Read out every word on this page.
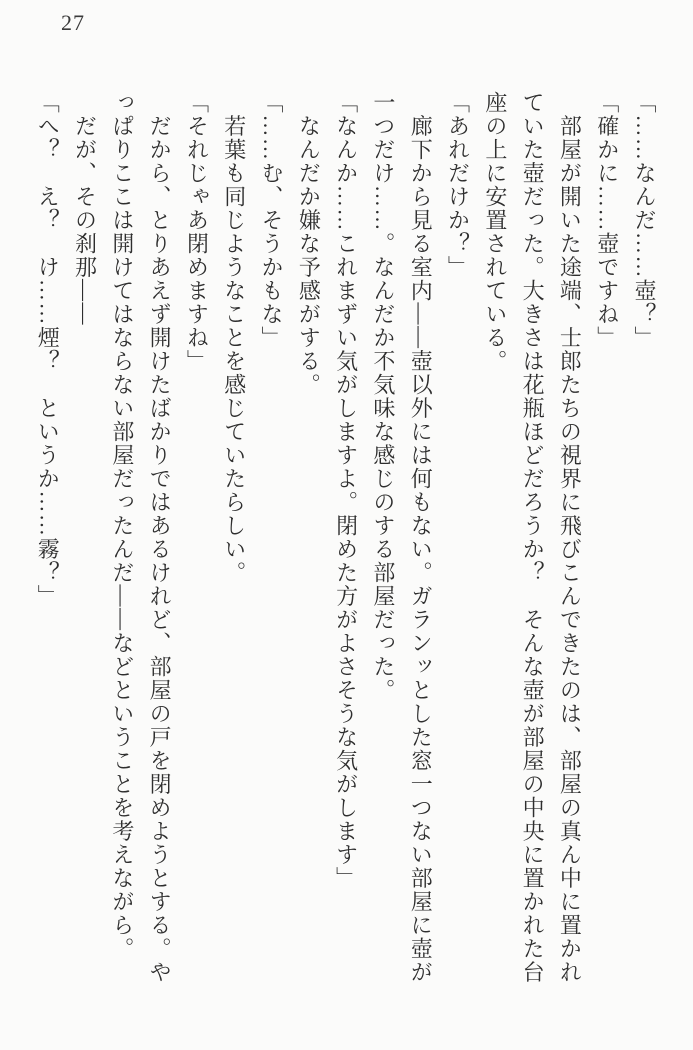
27

「……なんだ……壺？」

「確かに……壺ですね」

　部屋が開いた途端、士郎たちの視界に飛びこんできたのは、部屋の真ん中に置かれ

ていた壺だった。大きさは花瓶ほどだろうか？　そんな壺が部屋の中央に置かれた台

座の上に安置されている。

「あれだけか？」

　廊下から見る室内――壺以外には何もない。ガランッとした窓一つない部屋に壺が

一つだけ……。なんだか不気味な感じのする部屋だった。

「なんか……これまずい気がしますよ。閉めた方がよさそうな気がします」

　なんだか嫌な予感がする。

「……む、そうかもな」

　若葉も同じようなことを感じていたらしい。

「それじゃあ閉めますね」

　だから、とりあえず開けたばかりではあるけれど、部屋の戸を閉めようとする。や

っぱりここは開けてはならない部屋だったんだ――などということを考えながら。

　だが、その刹那――

「へ？　え？　け……煙？　というか……霧？」
